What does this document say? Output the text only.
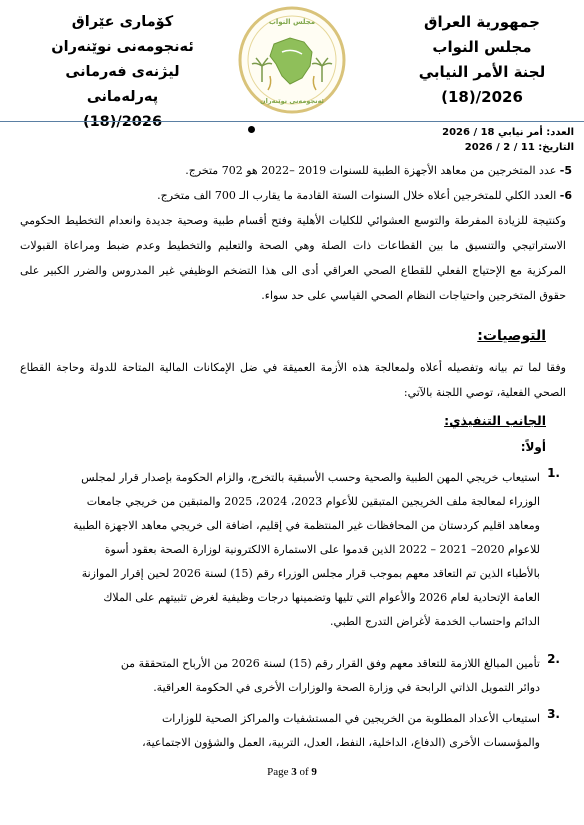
جمهورية العراق
مجلس النواب
لجنة الأمر النيابي
2026/(18)
كۆماری عێراق
ئەنجومەنی نوێنەران
لیژنەی فەرمانی پەرلەمانی
2026/(18)
مجلس النواب
ئەنجومەنی نوێنەران
العدد: أمر نيابي 18 / 2026
التاريخ: 11 / 2 / 2026
5- عدد المتخرجين من معاهد الأجهزة الطبية للسنوات 2019 –2022 هو 702 متخرج.
6- العدد الكلي للمتخرجين أعلاه خلال السنوات الستة القادمة ما يقارب الـ 700 الف متخرج.
وكنتيجة للزيادة المفرطة والتوسع العشوائي للكليات الأهلية وفتح أقسام طبية وصحية جديدة وانعدام التخطيط الحكومي الاستراتيجي والتنسيق ما بين القطاعات ذات الصلة وهي الصحة والتعليم والتخطيط وعدم ضبط ومراعاة القبولات المركزية مع الإحتياج الفعلي للقطاع الصحي العراقي أدى الى هذا التضخم الوظيفي غير المدروس والضرر الكبير على حقوق المتخرجين واحتياجات النظام الصحي القياسي على حد سواء.
التوصيات:
وفقا لما تم بيانه وتفصيله أعلاه ولمعالجة هذه الأزمة العميقة في ضل الإمكانات المالية المتاحة للدولة وحاجة القطاع الصحي الفعلية، توصي اللجنة بالآتي:
الجانب التنفيذي:
أولاً:
1.
استيعاب خريجي المهن الطبية والصحية وحسب الأسبقية بالتخرج، والزام الحكومة بإصدار قرار لمجلس
الوزراء لمعالجة ملف الخريجين المتبقين للأعوام 2023، 2024، 2025 والمتبقين من خريجي جامعات
ومعاهد اقليم كردستان من المحافظات غير المنتظمة في إقليم، اضافة الى خريجي معاهد الاجهزة الطبية
للاعوام 2020– 2021 – 2022 الذين قدموا على الاستمارة الالكترونية لوزارة الصحة بعقود أسوة
بالأطباء الذين تم التعاقد معهم بموجب قرار مجلس الوزراء رقم (15) لسنة 2026 لحين إقرار الموازنة
العامة الإتحادية لعام 2026 والأعوام التي تليها وتضمينها درجات وظيفية لغرض تثبيتهم على الملاك
الدائم واحتساب الخدمة لأغراض التدرج الطبي.
2.
تأمين المبالغ اللازمة للتعاقد معهم وفق القرار رقم (15) لسنة 2026 من الأرباح المتحققة من
دوائر التمويل الذاتي الرابحة في وزارة الصحة والوزارات الأخرى في الحكومة العراقية.
3.
استيعاب الأعداد المطلوبة من الخريجين في المستشفيات والمراكز الصحية للوزارات
والمؤسسات الأخرى (الدفاع، الداخلية، النفط، العدل، التربية، العمل والشؤون الاجتماعية،
Page 3 of 9
